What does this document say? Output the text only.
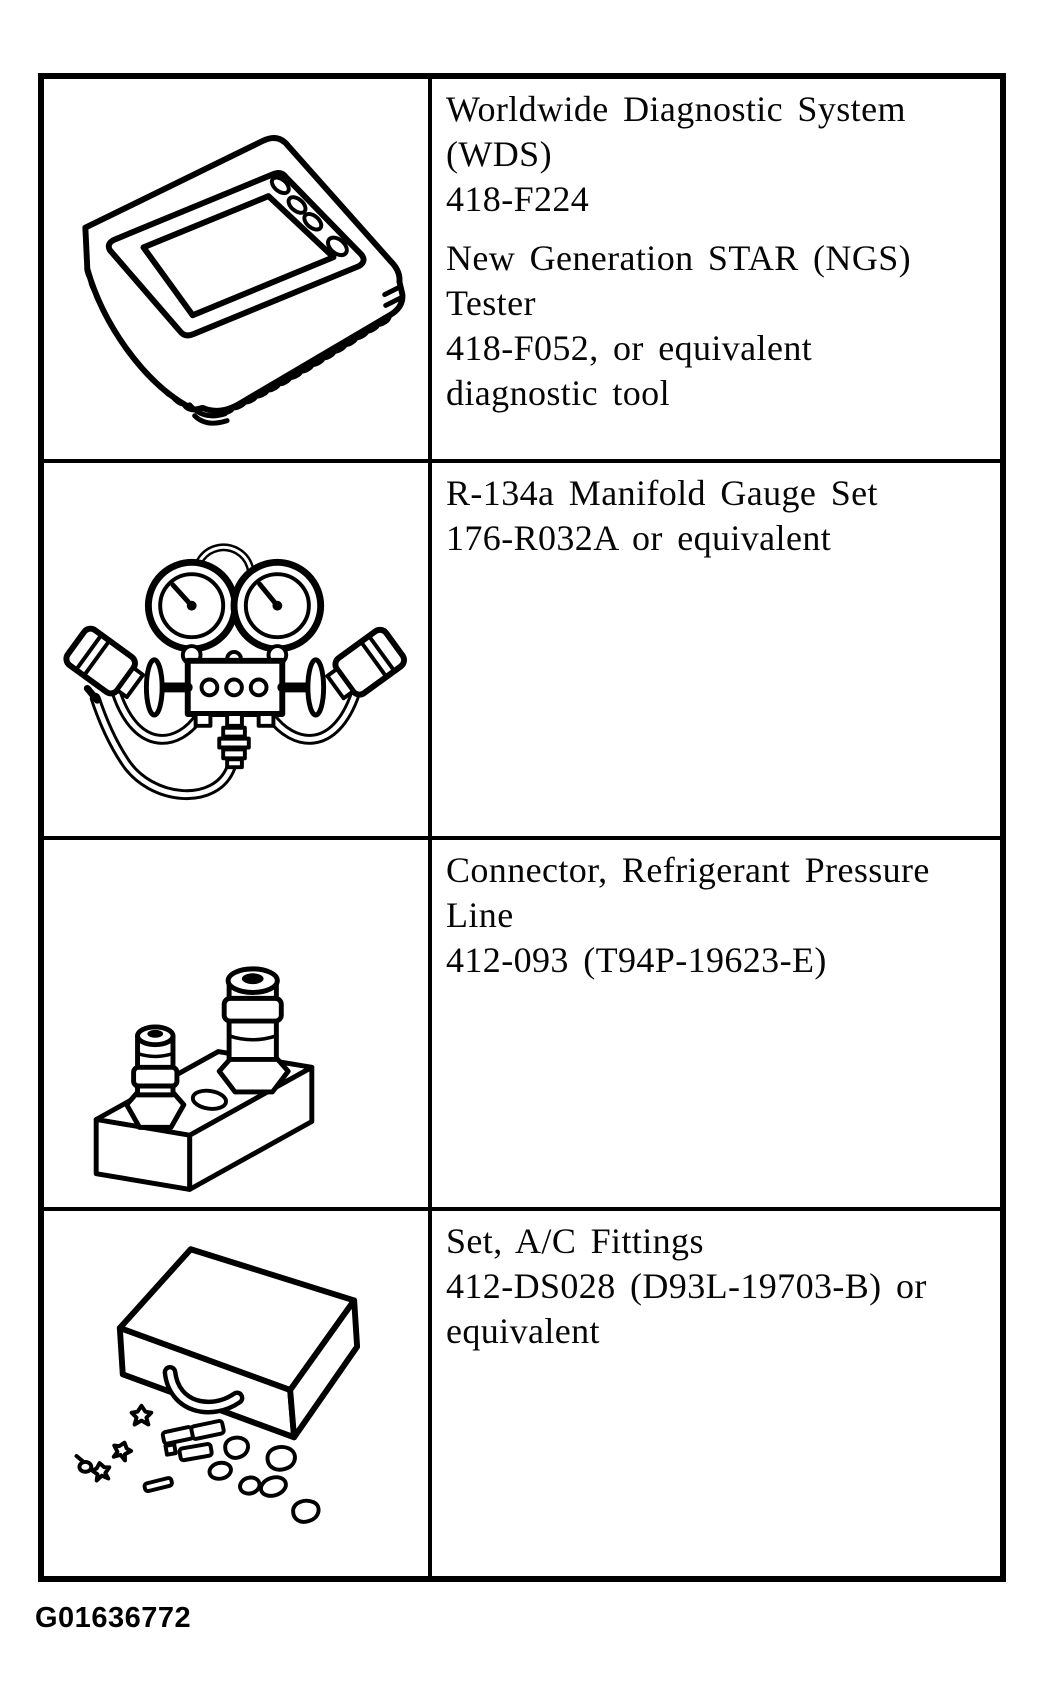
Worldwide Diagnostic System
(WDS)
418-F224
New Generation STAR (NGS)
Tester
418-F052, or equivalent
diagnostic tool
R-134a Manifold Gauge Set
176-R032A or equivalent
Connector, Refrigerant Pressure
Line
412-093 (T94P-19623-E)
Set, A/C Fittings
412-DS028 (D93L-19703-B) or
equivalent
G01636772
